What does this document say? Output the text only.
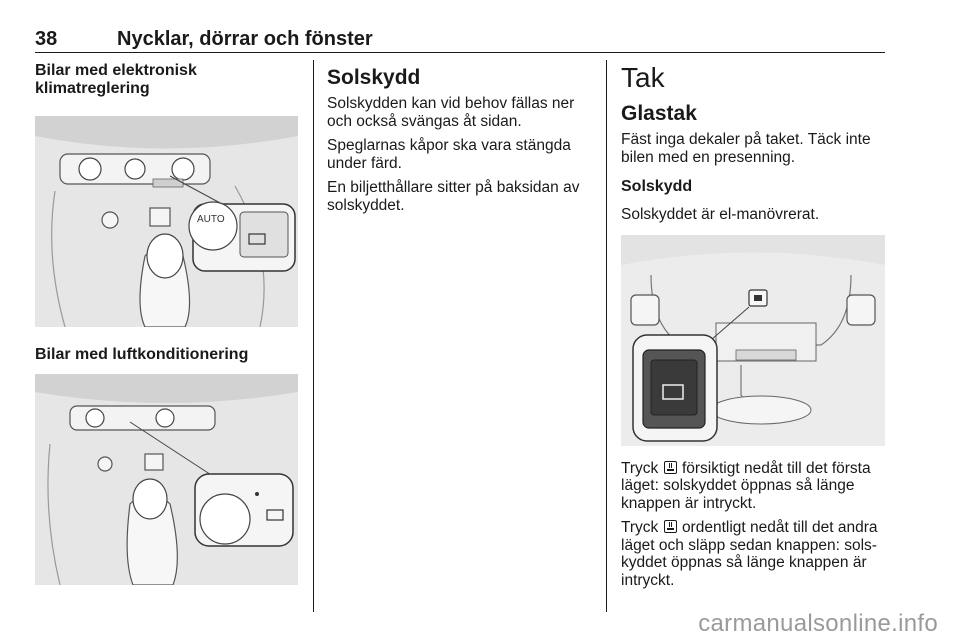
38	Nycklar, dörrar och fönster

Bilar med elektronisk klimatreglering

AUTO

Bilar med luftkonditionering

Solskydd

Solskydden kan vid behov fällas ner och också svängas åt sidan.

Speglarnas kåpor ska vara stängda under färd.

En biljetthållare sitter på baksidan av solskyddet.

Tak

Glastak

Fäst inga dekaler på taket. Täck inte bilen med en presenning.

Solskydd

Solskyddet är el-manövrerat.

Tryck försiktigt nedåt till det första läget: solskyddet öppnas så länge knappen är intryckt.

Tryck ordentligt nedåt till det andra läget och släpp sedan knappen: sols-kyddet öppnas så länge knappen är intryckt.

carmanualsonline.info
